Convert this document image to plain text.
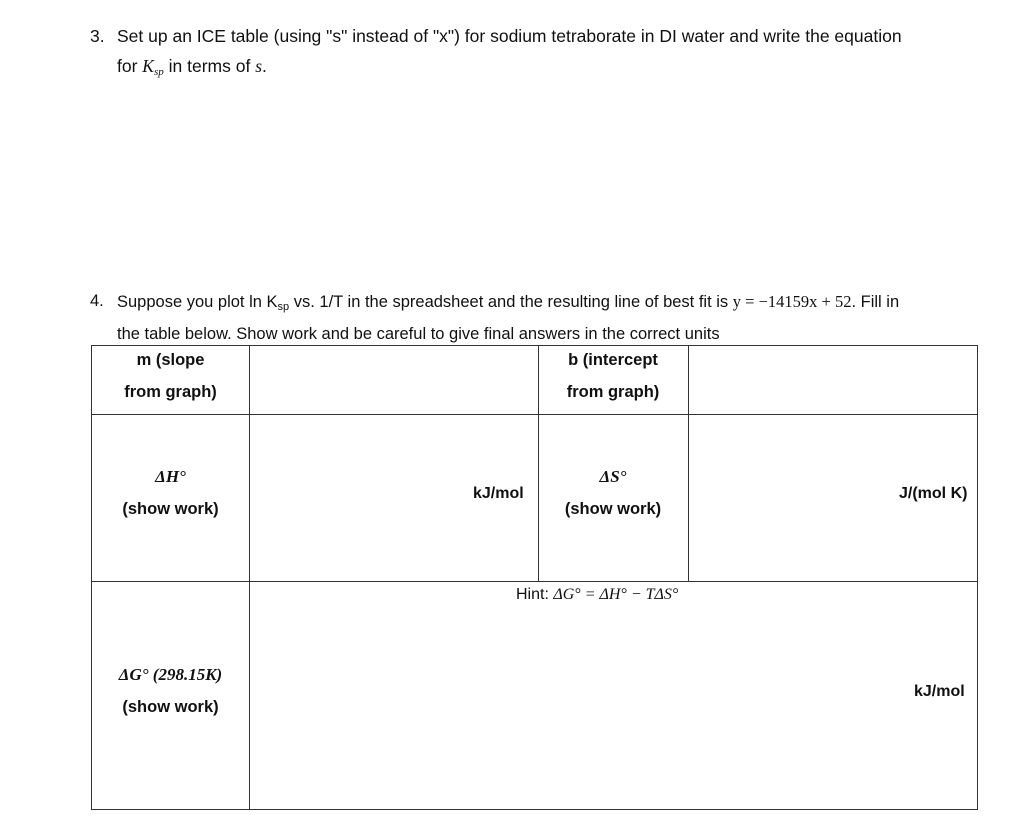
3. Set up an ICE table (using "s" instead of "x") for sodium tetraborate in DI water and write the equation
for $K_{sp}$ in terms of s.
4. Suppose you plot $\ln K_{sp}$ vs. 1/T in the spreadsheet and the resulting line of best fit is y = −14159x + 52. Fill in
the table below. Show work and be careful to give final answers in the correct units
m (slope
from graph)
b (intercept
from graph)
ΔH°
(show work)
kJ/mol
ΔS°
(show work)
J/(mol K)
Hint: ΔG° = ΔH° − TΔS°
ΔG° (298.15K)
(show work)
kJ/mol
